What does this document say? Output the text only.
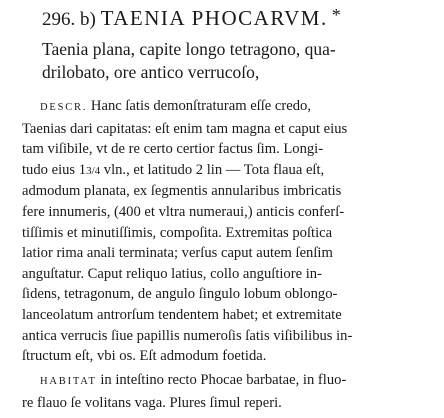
296. b) TAENIA PHOCARVM. *
Taenia plana, capite longo tetragono, qua-
drilobato, ore antico verrucoſo,
DESCR. Hanc ſatis demonſtraturam eſſe credo,
Taenias dari capitatas: eſt enim tam magna et caput eius
tam viſibile, vt de re certo certior factus ſim. Longi-
tudo eius 13/4 vln., et latitudo 2 lin — Tota flaua eſt,
admodum planata, ex ſegmentis annularibus imbricatis
fere innumeris, (400 et vltra numeraui,) anticis conferſ-
tiſſimis et minutiſſimis, compoſita. Extremitas poſtica
latior rima anali terminata; verſus caput autem ſenſim
anguſtatur. Caput reliquo latius, collo anguſtiore in-
ſidens, tetragonum, de angulo ſingulo lobum oblongo-
lanceolatum antrorſum tendentem habet; et extremitate
antica verrucis ſiue papillis numeroſis ſatis viſibilibus in-
ſtructum eſt, vbi os. Eſt admodum foetida.
HABITAT in inteſtino recto Phocae barbatae, in fluo-
re flauo ſe volitans vaga. Plures ſimul reperi.
